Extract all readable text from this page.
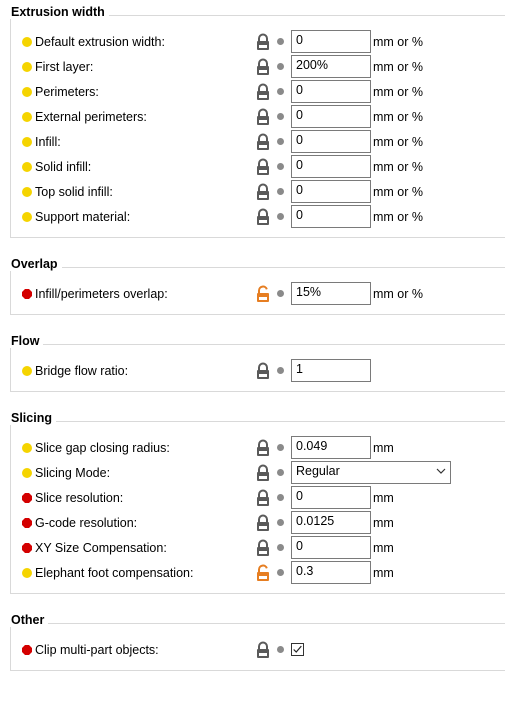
Extrusion width
Default extrusion width:	0	mm or %
First layer:	200%	mm or %
Perimeters:	0	mm or %
External perimeters:	0	mm or %
Infill:	0	mm or %
Solid infill:	0	mm or %
Top solid infill:	0	mm or %
Support material:	0	mm or %
Overlap
Infill/perimeters overlap:	15%	mm or %
Flow
Bridge flow ratio:	1
Slicing
Slice gap closing radius:	0.049	mm
Slicing Mode:	Regular
Slice resolution:	0	mm
G-code resolution:	0.0125	mm
XY Size Compensation:	0	mm
Elephant foot compensation:	0.3	mm
Other
Clip multi-part objects:
